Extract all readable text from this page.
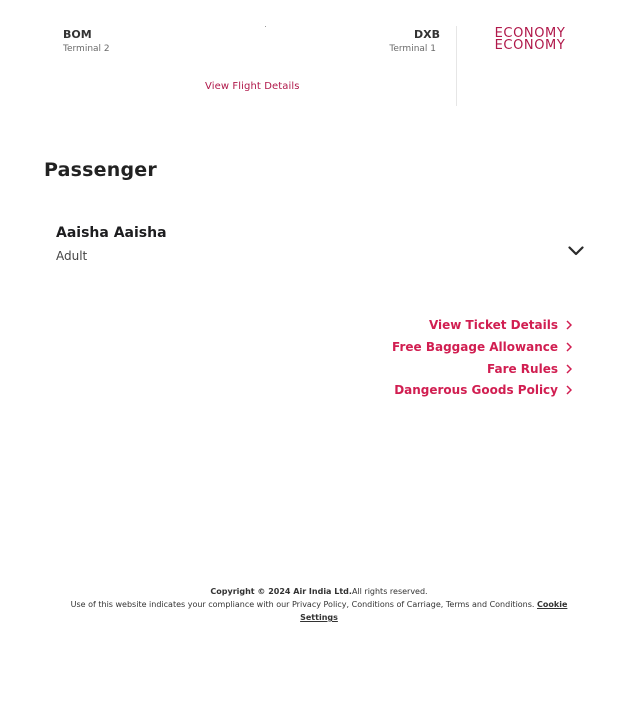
BOM
Terminal 2
DXB
Terminal 1
View Flight Details
ECONOMY
ECONOMY
Passenger
Aaisha Aaisha
Adult
View Ticket Details
Free Baggage Allowance
Fare Rules
Dangerous Goods Policy
Copyright © 2024 Air India Ltd.All rights reserved.
Use of this website indicates your compliance with our Privacy Policy, Conditions of Carriage, Terms and Conditions. Cookie Settings
